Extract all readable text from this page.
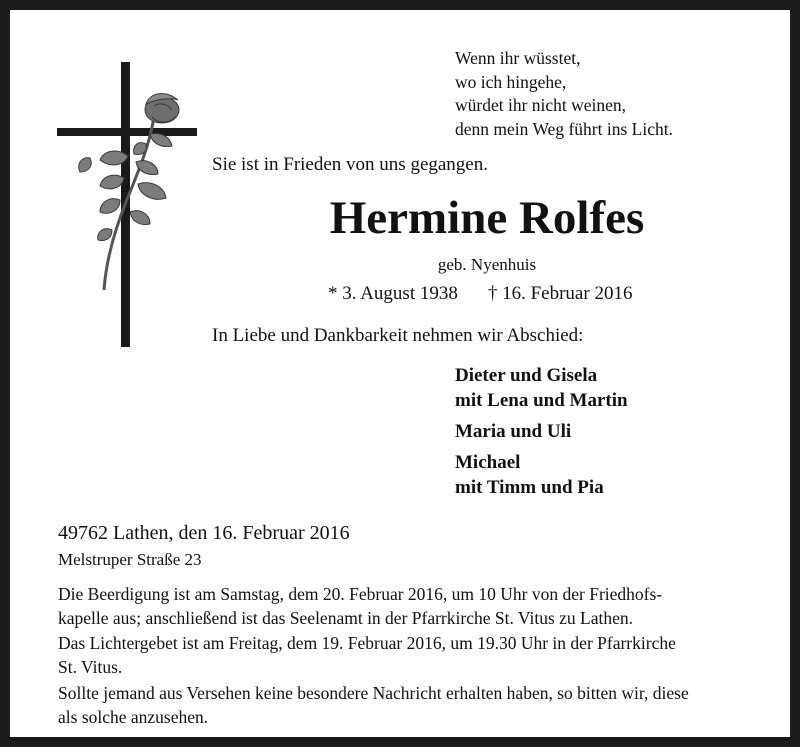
Wenn ihr wüsstet,
wo ich hingehe,
würdet ihr nicht weinen,
denn mein Weg führt ins Licht.
Sie ist in Frieden von uns gegangen.
Hermine Rolfes
geb. Nyenhuis
* 3. August 1938 † 16. Februar 2016
In Liebe und Dankbarkeit nehmen wir Abschied:
Dieter und Gisela
mit Lena und Martin
Maria und Uli
Michael
mit Timm und Pia
49762 Lathen, den 16. Februar 2016
Melstruper Straße 23
Die Beerdigung ist am Samstag, dem 20. Februar 2016, um 10 Uhr von der Friedhofs-
kapelle aus; anschließend ist das Seelenamt in der Pfarrkirche St. Vitus zu Lathen.
Das Lichtergebet ist am Freitag, dem 19. Februar 2016, um 19.30 Uhr in der Pfarrkirche
St. Vitus.
Sollte jemand aus Versehen keine besondere Nachricht erhalten haben, so bitten wir, diese
als solche anzusehen.
